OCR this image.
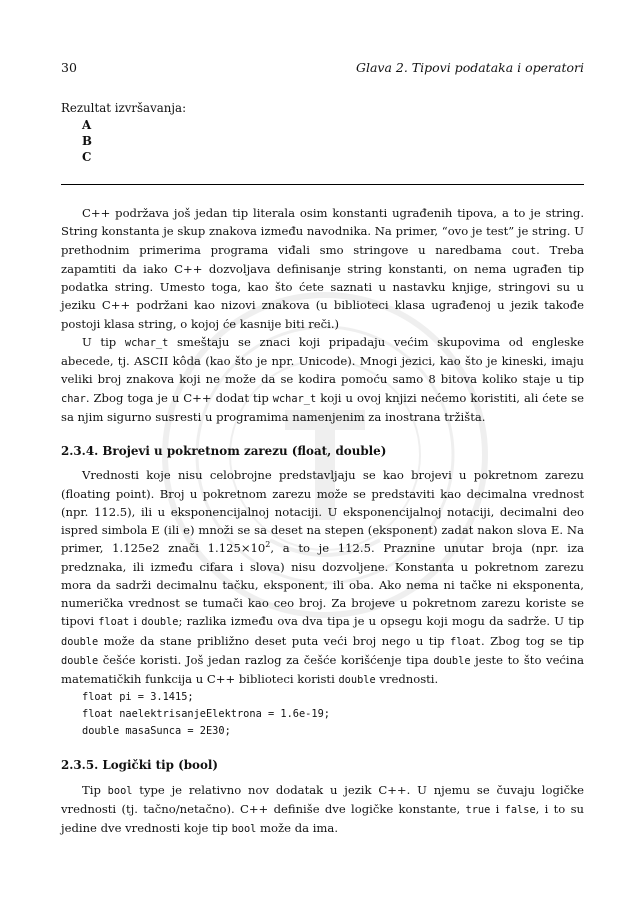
30	Glava 2. Tipovi podataka i operatori
Rezultat izvršavanja:
A
B
C

C++ podržava još jedan tip literala osim konstanti ugrađenih tipova, a to je string. String konstanta je skup znakova između navodnika. Na primer, “ovo je test” je string. U prethodnim primerima programa viđali smo stringove u naredbama cout. Treba zapamtiti da iako C++ dozvoljava definisanje string konstanti, on nema ugrađen tip podatka string. Umesto toga, kao što ćete saznati u nastavku knjige, stringovi su u jeziku C++ podržani kao nizovi znakova (u biblioteci klasa ugrađenoj u jezik takođe postoji klasa string, o kojoj će kasnije biti reči.)

U tip wchar_t smeštaju se znaci koji pripadaju većim skupovima od engleske abecede, tj. ASCII kôda (kao što je npr. Unicode). Mnogi jezici, kao što je kineski, imaju veliki broj znakova koji ne može da se kodira pomoću samo 8 bitova koliko staje u tip char. Zbog toga je u C++ dodat tip wchar_t koji u ovoj knjizi nećemo koristiti, ali ćete se sa njim sigurno susresti u programima namenjenim za inostrana tržišta.

2.3.4. Brojevi u pokretnom zarezu (float, double)

Vrednosti koje nisu celobrojne predstavljaju se kao brojevi u pokretnom zarezu (floating point). Broj u pokretnom zarezu može se predstaviti kao decimalna vrednost (npr. 112.5), ili u eksponencijalnoj notaciji. U eksponencijalnoj notaciji, decimalni deo ispred simbola E (ili e) množi se sa deset na stepen (eksponent) zadat nakon slova E. Na primer, 1.125e2 znači $1.125\times 10^2$, a to je 112.5. Praznine unutar broja (npr. iza predznaka, ili između cifara i slova) nisu dozvoljene. Konstanta u pokretnom zarezu mora da sadrži decimalnu tačku, eksponent, ili oba. Ako nema ni tačke ni eksponenta, numerička vrednost se tumači kao ceo broj. Za brojeve u pokretnom zarezu koriste se tipovi float i double; razlika između ova dva tipa je u opsegu koji mogu da sadrže. U tip double može da stane približno deset puta veći broj nego u tip float. Zbog tog se tip double češće koristi. Još jedan razlog za češće korišćenje tipa double jeste to što većina matematičkih funkcija u C++ biblioteci koristi double vrednosti.

float pi = 3.1415;
float naelektrisanjeElektrona = 1.6e-19;
double masaSunca = 2E30;
2.3.5. Logički tip (bool)

Tip bool type je relativno nov dodatak u jezik C++. U njemu se čuvaju logičke vrednosti (tj. tačno/netačno). C++ definiše dve logičke konstante, true i false, i to su jedine dve vrednosti koje tip bool može da ima.
